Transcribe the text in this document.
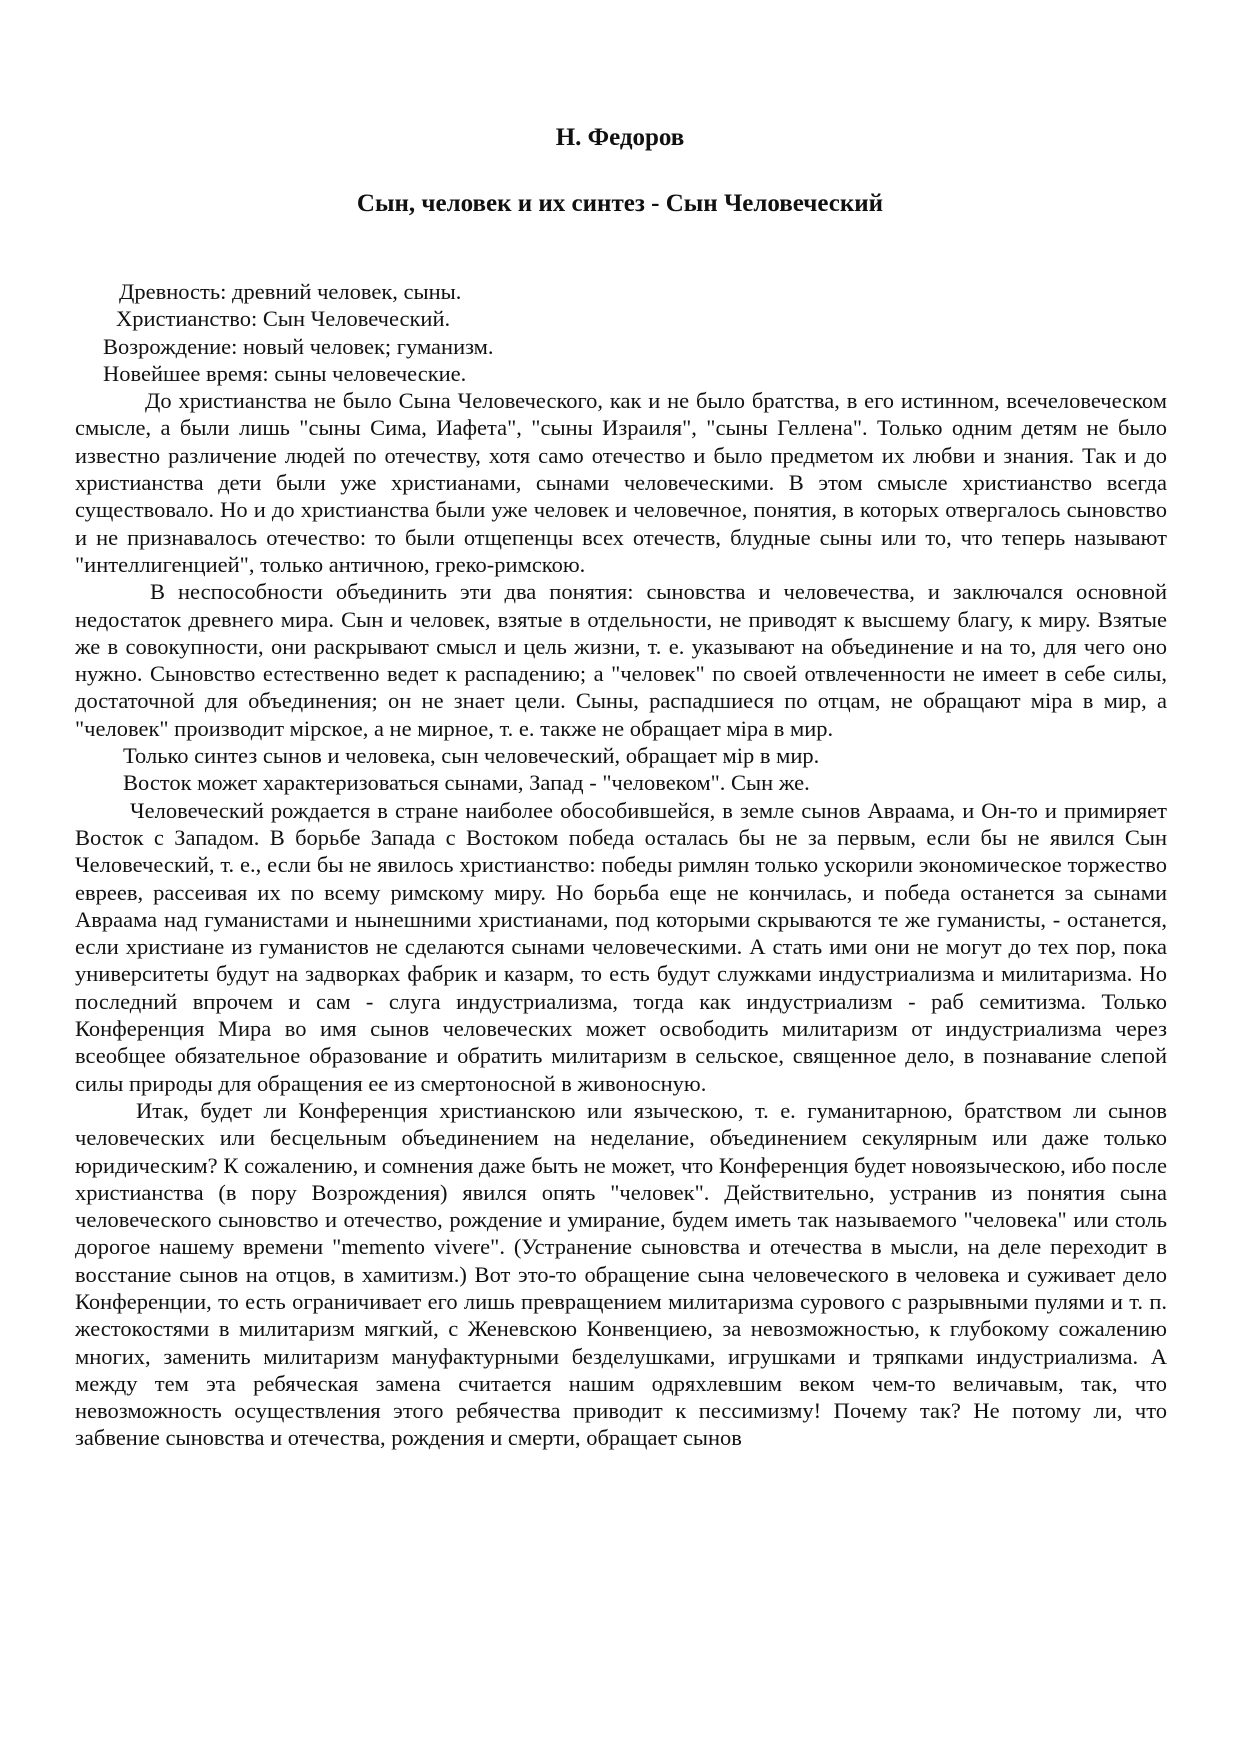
Н. Федоров
Сын, человек и их синтез - Сын Человеческий

Древность: древний человек, сыны.

Христианство: Сын Человеческий.

Возрождение: новый человек; гуманизм.

Новейшее время: сыны человеческие.

До христианства не было Сына Человеческого, как и не было братства, в его истинном, всечеловеческом смысле, а были лишь "сыны Сима, Иафета", "сыны Израиля", "сыны Геллена". Только одним детям не было известно различение людей по отечеству, хотя само отечество и было предметом их любви и знания. Так и до христианства дети были уже христианами, сынами человеческими. В этом смысле христианство всегда существовало. Но и до христианства были уже человек и человечное, понятия, в которых отвергалось сыновство и не признавалось отечество: то были отщепенцы всех отечеств, блудные сыны или то, что теперь называют "интеллигенцией", только античною, греко-римскою.

В неспособности объединить эти два понятия: сыновства и человечества, и заключался основной недостаток древнего мира. Сын и человек, взятые в отдельности, не приводят к высшему благу, к миру. Взятые же в совокупности, они раскрывают смысл и цель жизни, т. е. указывают на объединение и на то, для чего оно нужно. Сыновство естественно ведет к распадению; а "человек" по своей отвлеченности не имеет в себе силы, достаточной для объединения; он не знает цели. Сыны, распадшиеся по отцам, не обращают міра в мир, а "человек" производит мірское, а не мирное, т. е. также не обращает міра в мир.

Только синтез сынов и человека, сын человеческий, обращает мір в мир.

Восток может характеризоваться сынами, Запад - "человеком". Сын же.

Человеческий рождается в стране наиболее обособившейся, в земле сынов Авраама, и Он-то и примиряет Восток с Западом. В борьбе Запада с Востоком победа осталась бы не за первым, если бы не явился Сын Человеческий, т. е., если бы не явилось христианство: победы римлян только ускорили экономическое торжество евреев, рассеивая их по всему римскому миру. Но борьба еще не кончилась, и победа останется за сынами Авраама над гуманистами и нынешними христианами, под которыми скрываются те же гуманисты, - останется, если христиане из гуманистов не сделаются сынами человеческими. А стать ими они не могут до тех пор, пока университеты будут на задворках фабрик и казарм, то есть будут служками индустриализма и милитаризма. Но последний впрочем и сам - слуга индустриализма, тогда как индустриализм - раб семитизма. Только Конференция Мира во имя сынов человеческих может освободить милитаризм от индустриализма через всеобщее обязательное образование и обратить милитаризм в сельское, священное дело, в познавание слепой силы природы для обращения ее из смертоносной в живоносную.

Итак, будет ли Конференция христианскою или языческою, т. е. гуманитарною, братством ли сынов человеческих или бесцельным объединением на неделание, объединением секулярным или даже только юридическим? К сожалению, и сомнения даже быть не может, что Конференция будет новоязыческою, ибо после христианства (в пору Возрождения) явился опять "человек". Действительно, устранив из понятия сына человеческого сыновство и отечество, рождение и умирание, будем иметь так называемого "человека" или столь дорогое нашему времени "memento vivere". (Устранение сыновства и отечества в мысли, на деле переходит в восстание сынов на отцов, в хамитизм.) Вот это-то обращение сына человеческого в человека и суживает дело Конференции, то есть ограничивает его лишь превращением милитаризма сурового с разрывными пулями и т. п. жестокостями в милитаризм мягкий, с Женевскою Конвенциею, за невозможностью, к глубокому сожалению многих, заменить милитаризм мануфактурными безделушками, игрушками и тряпками индустриализма. А между тем эта ребяческая замена считается нашим одряхлевшим веком чем-то величавым, так, что невозможность осуществления этого ребячества приводит к пессимизму! Почему так? Не потому ли, что забвение сыновства и отечества, рождения и смерти, обращает сынов
